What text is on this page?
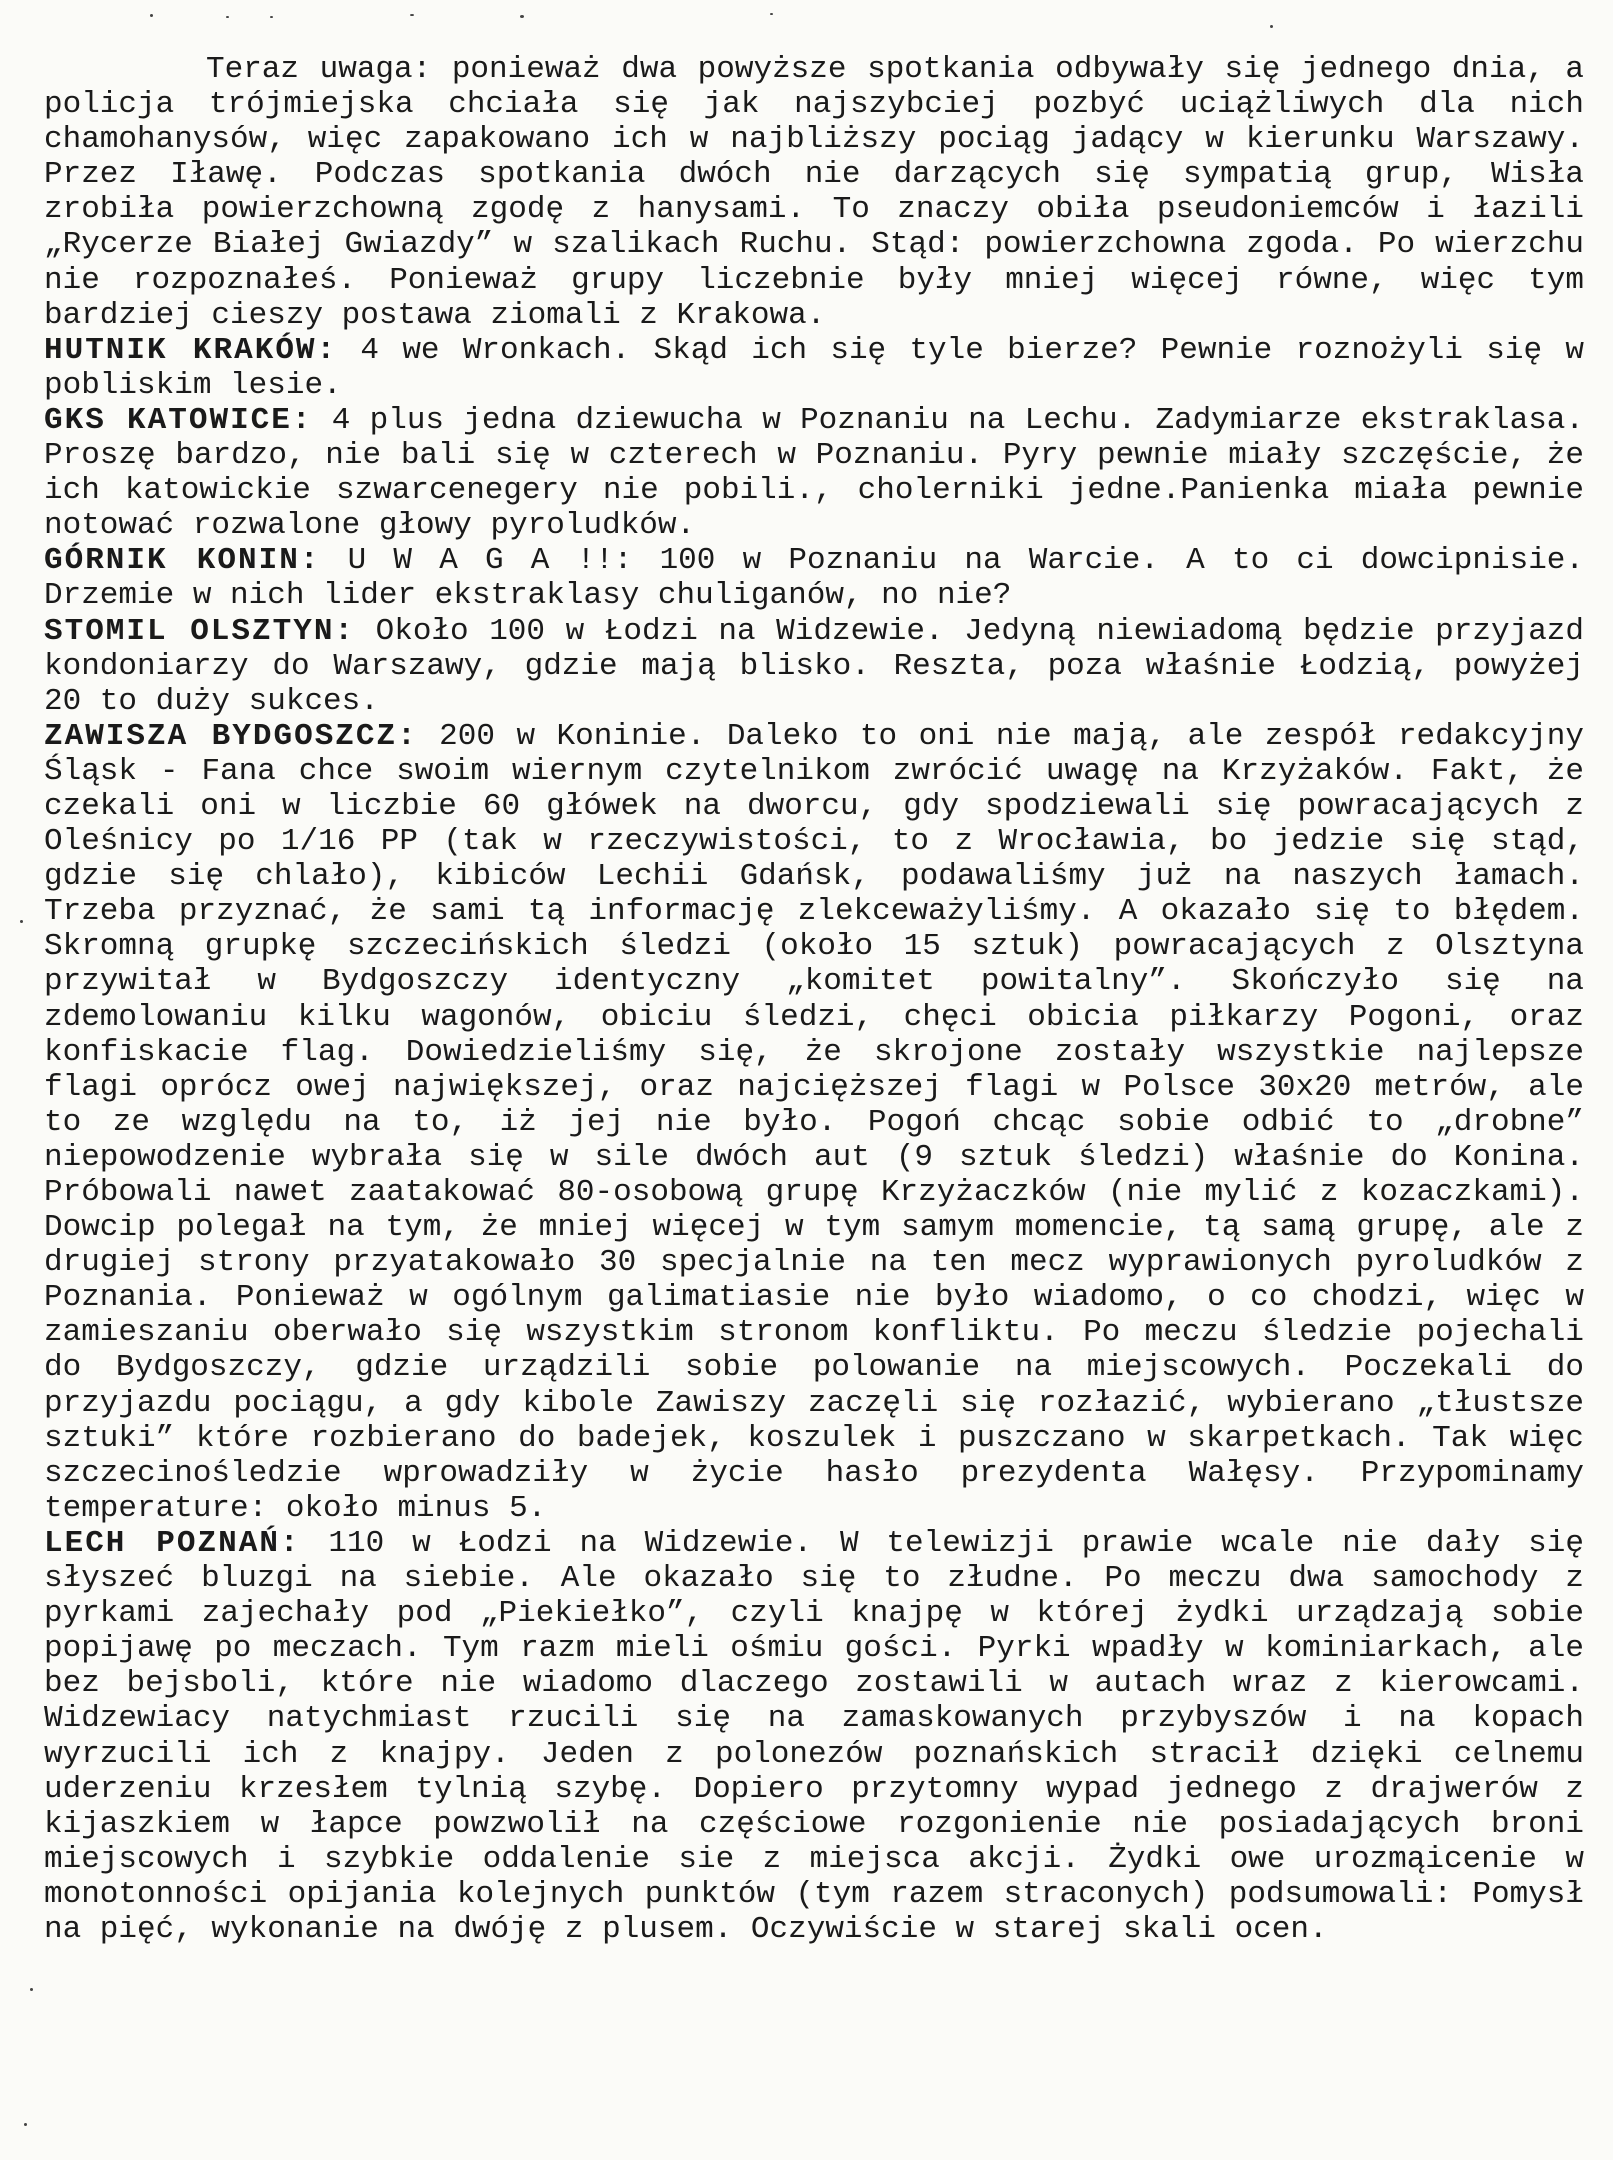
Teraz uwaga: ponieważ dwa powyższe spotkania odbywały się jednego dnia, a policja trójmiejska chciała się jak najszybciej pozbyć uciążliwych dla nich chamohanysów, więc zapakowano ich w najbliższy pociąg jadący w kierunku Warszawy. Przez Iławę. Podczas spotkania dwóch nie darzących się sympatią grup, Wisła zrobiła powierzchowną zgodę z hanysami. To znaczy obiła pseudoniemców i łazili „Rycerze Białej Gwiazdy” w szalikach Ruchu. Stąd: powierzchowna zgoda. Po wierzchu nie rozpoznałeś. Ponieważ grupy liczebnie były mniej więcej równe, więc tym bardziej cieszy postawa ziomali z Krakowa.

HUTNIK KRAKÓW: 4 we Wronkach. Skąd ich się tyle bierze? Pewnie roznożyli się w pobliskim lesie.

GKS KATOWICE: 4 plus jedna dziewucha w Poznaniu na Lechu. Zadymiarze ekstraklasa. Proszę bardzo, nie bali się w czterech w Poznaniu. Pyry pewnie miały szczęście, że ich katowickie szwarcenegery nie pobili., cholerniki jedne.Panienka miała pewnie notować rozwalone głowy pyroludków.

GÓRNIK KONIN: U W A G A !!: 100 w Poznaniu na Warcie. A to ci dowcipnisie. Drzemie w nich lider ekstraklasy chuliganów, no nie?

STOMIL OLSZTYN: Około 100 w Łodzi na Widzewie. Jedyną niewiadomą będzie przyjazd kondoniarzy do Warszawy, gdzie mają blisko. Reszta, poza właśnie Łodzią, powyżej 20 to duży sukces.

ZAWISZA BYDGOSZCZ: 200 w Koninie. Daleko to oni nie mają, ale zespół redakcyjny Śląsk - Fana chce swoim wiernym czytelnikom zwrócić uwagę na Krzyżaków. Fakt, że czekali oni w liczbie 60 główek na dworcu, gdy spodziewali się powracających z Oleśnicy po 1/16 PP (tak w rzeczywistości, to z Wrocławia, bo jedzie się stąd, gdzie się chlało), kibiców Lechii Gdańsk, podawaliśmy już na naszych łamach. Trzeba przyznać, że sami tą informację zlekceważyliśmy. A okazało się to błędem. Skromną grupkę szczecińskich śledzi (około 15 sztuk) powracających z Olsztyna przywitał w Bydgoszczy identyczny „komitet powitalny”. Skończyło się na zdemolowaniu kilku wagonów, obiciu śledzi, chęci obicia piłkarzy Pogoni, oraz konfiskacie flag. Dowiedzieliśmy się, że skrojone zostały wszystkie najlepsze flagi oprócz owej największej, oraz najcięższej flagi w Polsce 30x20 metrów, ale to ze względu na to, iż jej nie było. Pogoń chcąc sobie odbić to „drobne” niepowodzenie wybrała się w sile dwóch aut (9 sztuk śledzi) właśnie do Konina. Próbowali nawet zaatakować 80-osobową grupę Krzyżaczków (nie mylić z kozaczkami). Dowcip polegał na tym, że mniej więcej w tym samym momencie, tą samą grupę, ale z drugiej strony przyatakowało 30 specjalnie na ten mecz wyprawionych pyroludków z Poznania. Ponieważ w ogólnym galimatiasie nie było wiadomo, o co chodzi, więc w zamieszaniu oberwało się wszystkim stronom konfliktu. Po meczu śledzie pojechali do Bydgoszczy, gdzie urządzili sobie polowanie na miejscowych. Poczekali do przyjazdu pociągu, a gdy kibole Zawiszy zaczęli się rozłazić, wybierano „tłustsze sztuki” które rozbierano do badejek, koszulek i puszczano w skarpetkach. Tak więc szczecinośledzie wprowadziły w życie hasło prezydenta Wałęsy. Przypominamy temperature: około minus 5.

LECH POZNAŃ: 110 w Łodzi na Widzewie. W telewizji prawie wcale nie dały się słyszeć bluzgi na siebie. Ale okazało się to złudne. Po meczu dwa samochody z pyrkami zajechały pod „Piekiełko”, czyli knajpę w której żydki urządzają sobie popijawę po meczach. Tym razm mieli ośmiu gości. Pyrki wpadły w kominiarkach, ale bez bejsboli, które nie wiadomo dlaczego zostawili w autach wraz z kierowcami. Widzewiacy natychmiast rzucili się na zamaskowanych przybyszów i na kopach wyrzucili ich z knajpy. Jeden z polonezów poznańskich stracił dzięki celnemu uderzeniu krzesłem tylnią szybę. Dopiero przytomny wypad jednego z drajwerów z kijaszkiem w łapce powzwolił na częściowe rozgonienie nie posiadających broni miejscowych i szybkie oddalenie sie z miejsca akcji. Żydki owe urozmąicenie w monotonności opijania kolejnych punktów (tym razem straconych) podsumowali: Pomysł na pięć, wykonanie na dwóję z plusem. Oczywiście w starej skali ocen.
